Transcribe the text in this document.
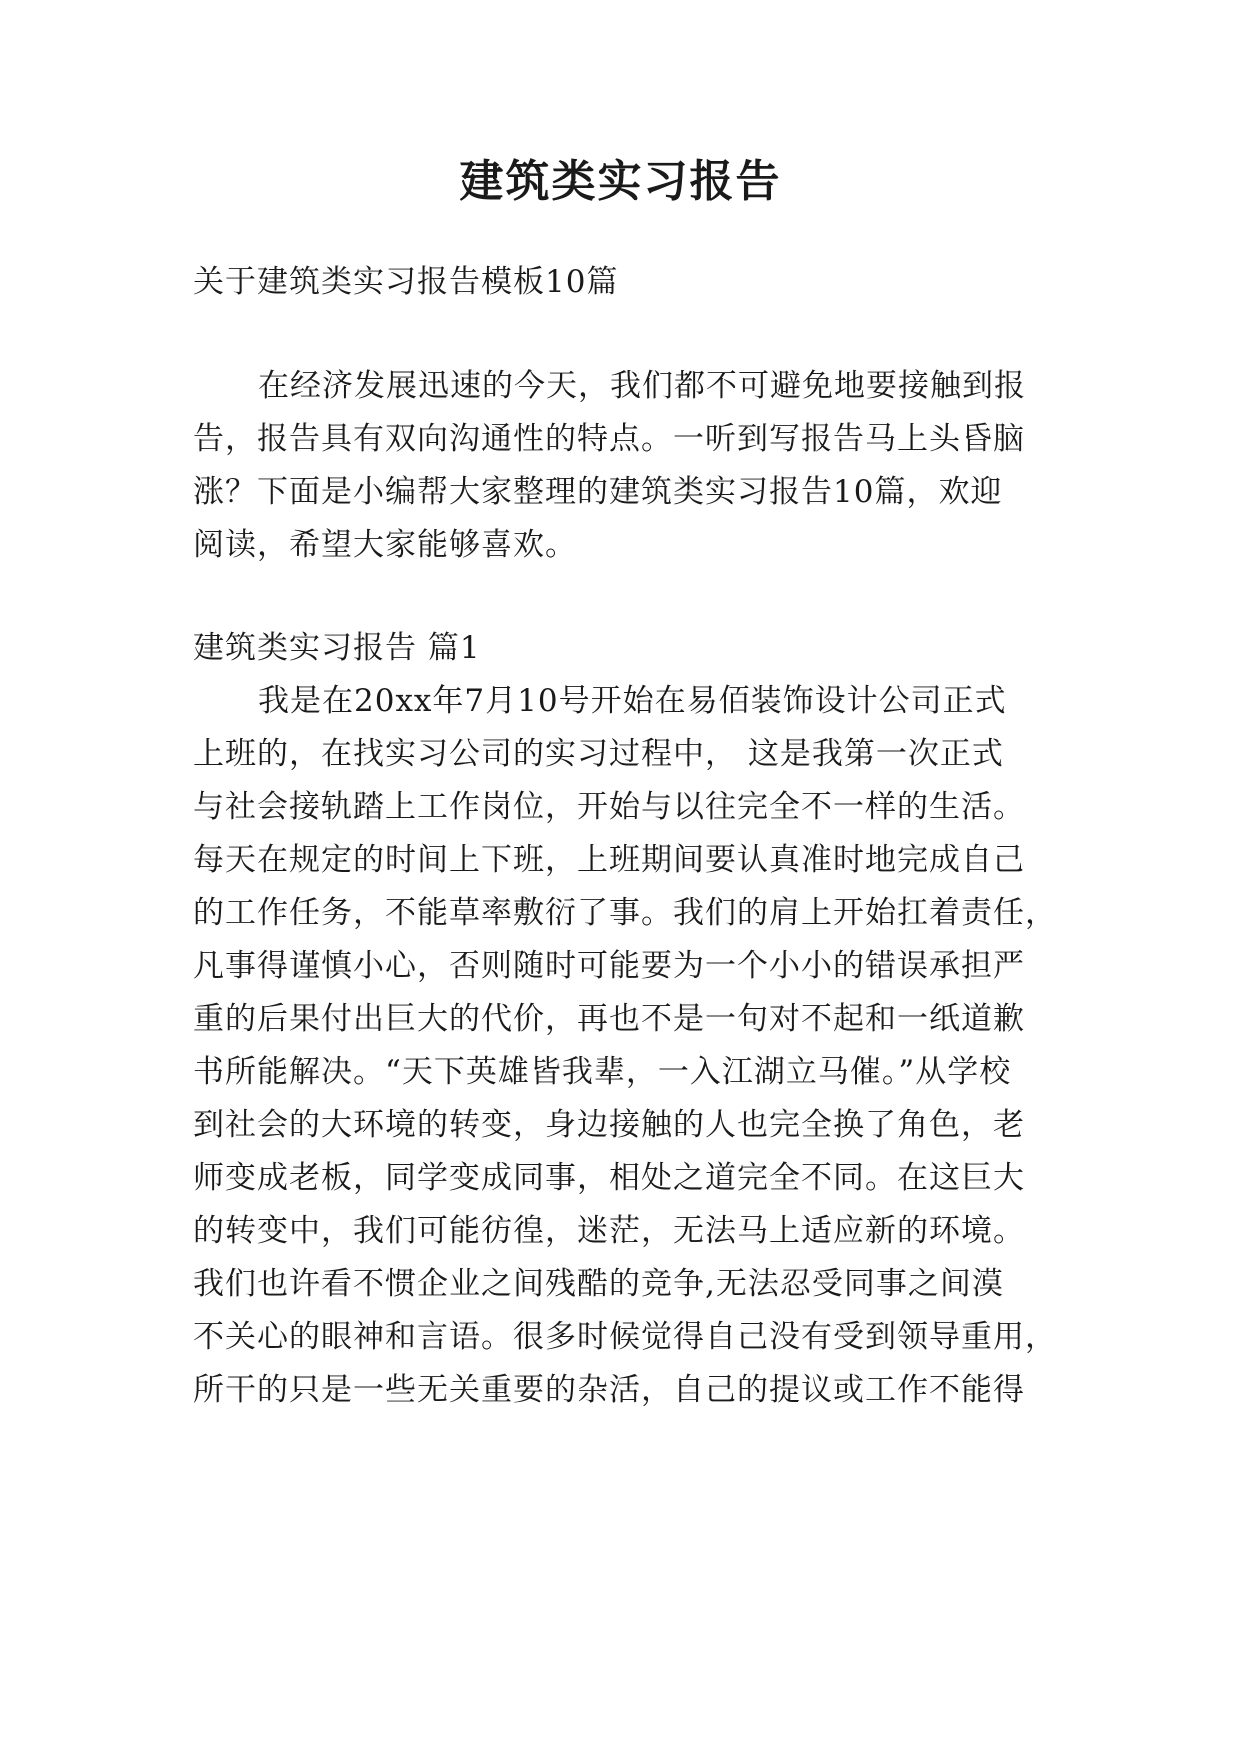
建筑类实习报告

关于建筑类实习报告模板10篇

在经济发展迅速的今天，我们都不可避免地要接触到报

告，报告具有双向沟通性的特点。一听到写报告马上头昏脑

涨？下面是小编帮大家整理的建筑类实习报告10篇，欢迎

阅读，希望大家能够喜欢。

建筑类实习报告 篇1

我是在20xx年7月10号开始在易佰装饰设计公司正式

上班的，在找实习公司的实习过程中， 这是我第一次正式

与社会接轨踏上工作岗位，开始与以往完全不一样的生活。

每天在规定的时间上下班，上班期间要认真准时地完成自己

的工作任务，不能草率敷衍了事。我们的肩上开始扛着责任，

凡事得谨慎小心，否则随时可能要为一个小小的错误承担严

重的后果付出巨大的代价，再也不是一句对不起和一纸道歉

书所能解决。“天下英雄皆我辈，一入江湖立马催。”从学校

到社会的大环境的转变，身边接触的人也完全换了角色，老

师变成老板，同学变成同事，相处之道完全不同。在这巨大

的转变中，我们可能彷徨，迷茫，无法马上适应新的环境。

我们也许看不惯企业之间残酷的竞争,无法忍受同事之间漠

不关心的眼神和言语。很多时候觉得自己没有受到领导重用，

所干的只是一些无关重要的杂活，自己的提议或工作不能得
